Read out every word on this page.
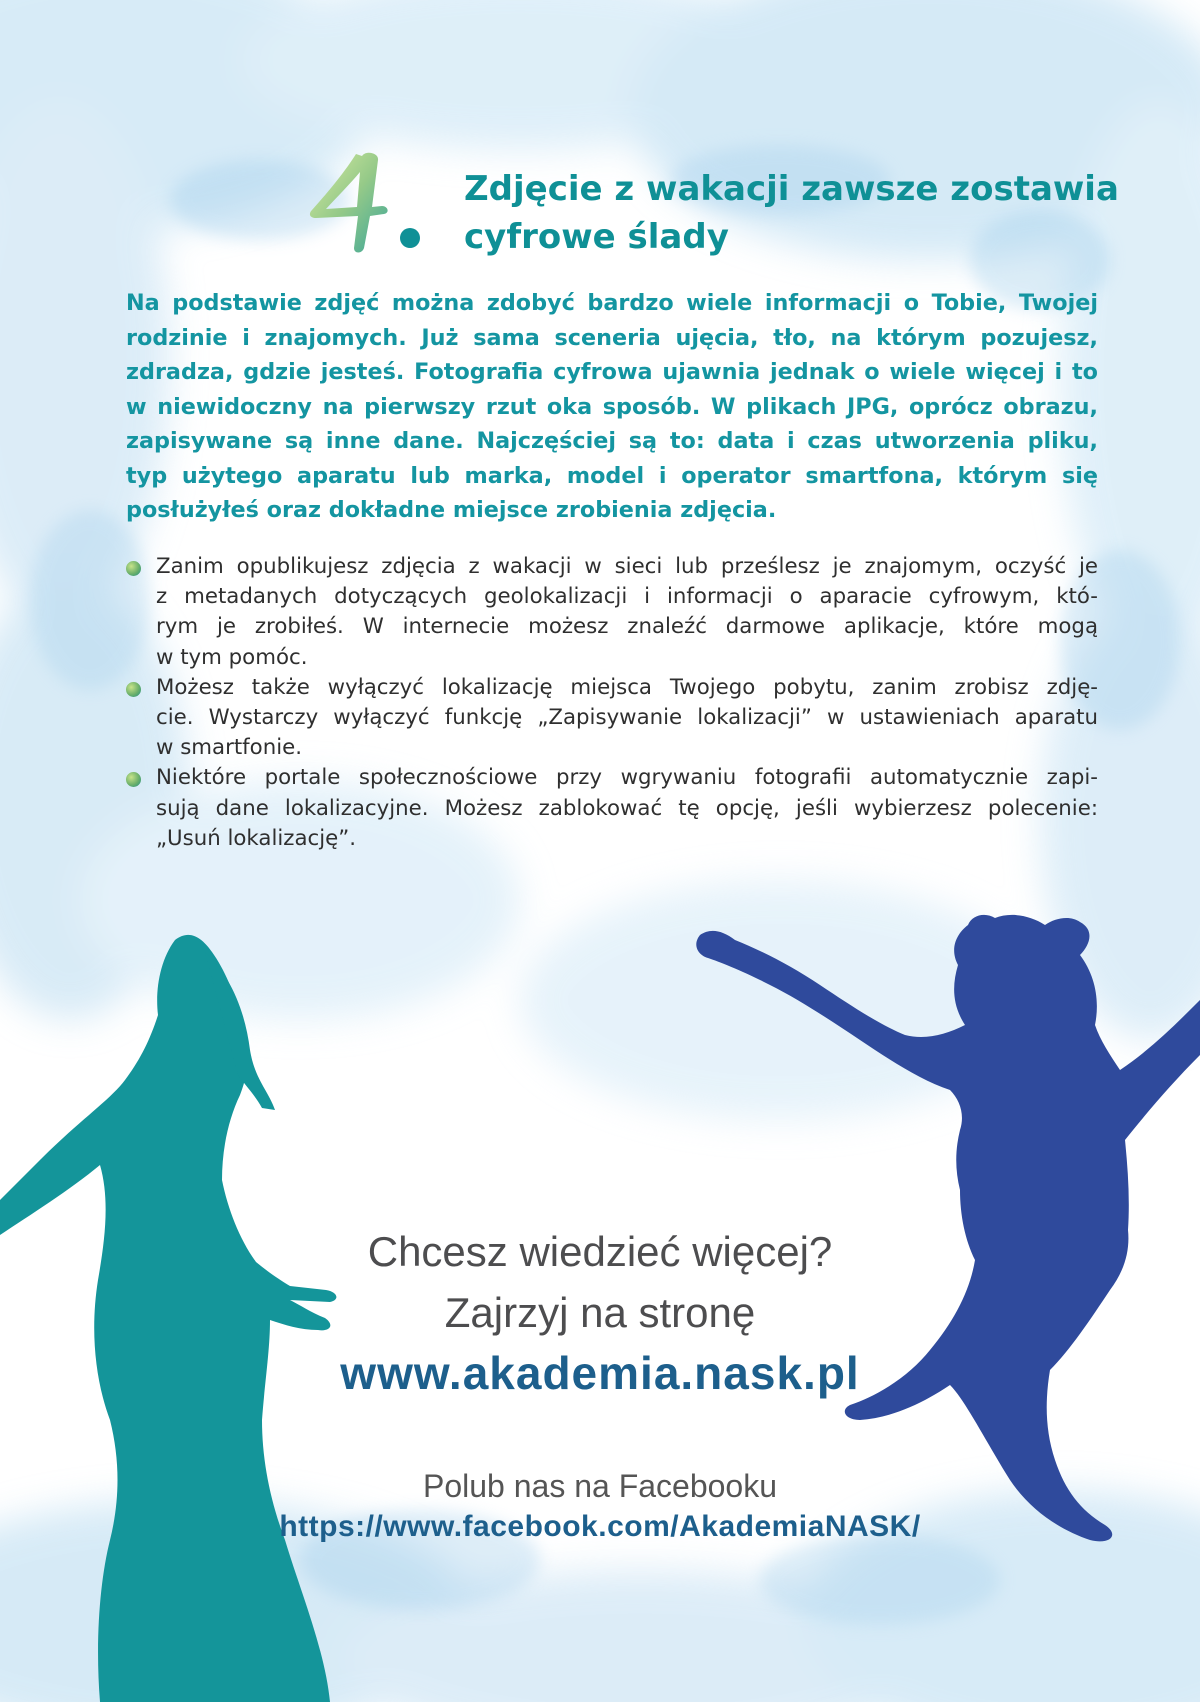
Zdjęcie z wakacji zawsze zostawia
cyfrowe ślady
Na podstawie zdjęć można zdobyć bardzo wiele informacji o Tobie, Twojej
rodzinie i znajomych. Już sama sceneria ujęcia, tło, na którym pozujesz,
zdradza, gdzie jesteś. Fotografia cyfrowa ujawnia jednak o wiele więcej i to
w niewidoczny na pierwszy rzut oka sposób. W plikach JPG, oprócz obrazu,
zapisywane są inne dane. Najczęściej są to: data i czas utworzenia pliku,
typ użytego aparatu lub marka, model i operator smartfona, którym się
posłużyłeś oraz dokładne miejsce zrobienia zdjęcia.
Zanim opublikujesz zdjęcia z wakacji w sieci lub prześlesz je znajomym, oczyść je
z metadanych dotyczących geolokalizacji i informacji o aparacie cyfrowym, któ-
rym je zrobiłeś. W internecie możesz znaleźć darmowe aplikacje, które mogą
w tym pomóc.
Możesz także wyłączyć lokalizację miejsca Twojego pobytu, zanim zrobisz zdję-
cie. Wystarczy wyłączyć funkcję „Zapisywanie lokalizacji” w ustawieniach aparatu
w smartfonie.
Niektóre portale społecznościowe przy wgrywaniu fotografii automatycznie zapi-
sują dane lokalizacyjne. Możesz zablokować tę opcję, jeśli wybierzesz polecenie:
„Usuń lokalizację”.
Chcesz wiedzieć więcej?
Zajrzyj na stronę
www.akademia.nask.pl
Polub nas na Facebooku
https://www.facebook.com/AkademiaNASK/
